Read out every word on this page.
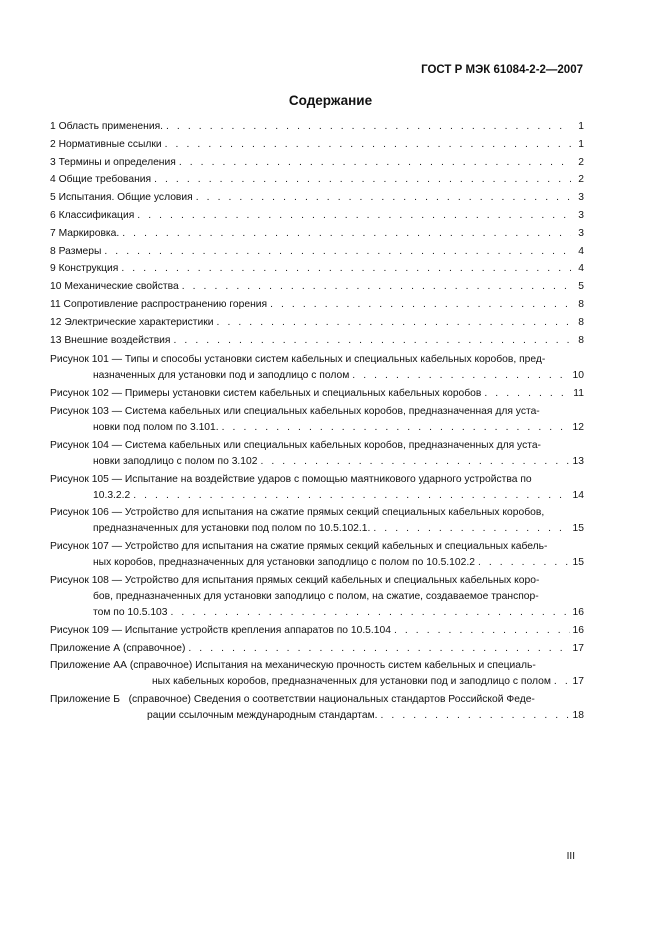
ГОСТ Р МЭК 61084-2-2—2007
Содержание
1 Область применения. . . .	1
2 Нормативные ссылки . . .	1
3 Термины и определения . . .	2
4 Общие требования . . .	2
5 Испытания. Общие условия . . .	3
6 Классификация . . .	3
7 Маркировка. . . .	3
8 Размеры . . .	4
9 Конструкция . . .	4
10 Механические свойства . . .	5
11 Сопротивление распространению горения . . .	8
12 Электрические характеристики . . .	8
13 Внешние воздействия . . .	8
Рисунок 101 — Типы и способы установки систем кабельных и специальных кабельных коробов, пред-
назначенных для установки под и заподлицо с полом . . .	10
Рисунок 102 — Примеры установки систем кабельных и специальных кабельных коробов . . .	11
Рисунок 103 — Система кабельных или специальных кабельных коробов, предназначенная для уста-
новки под полом по 3.101. . . .	12
Рисунок 104 — Система кабельных или специальных кабельных коробов, предназначенных для уста-
новки заподлицо с полом по 3.102 . . .	13
Рисунок 105 — Испытание на воздействие ударов с помощью маятникового ударного устройства по
10.3.2.2 . . .	14
Рисунок 106 — Устройство для испытания на сжатие прямых секций специальных кабельных коробов,
предназначенных для установки под полом по 10.5.102.1. . . .	15
Рисунок 107 — Устройство для испытания на сжатие прямых секций кабельных и специальных кабель-
ных коробов, предназначенных для установки заподлицо с полом по 10.5.102.2 . . .	15
Рисунок 108 — Устройство для испытания прямых секций кабельных и специальных кабельных коро-
бов, предназначенных для установки заподлицо с полом, на сжатие, создаваемое транспор-
том по 10.5.103 . . .	16
Рисунок 109 — Испытание устройств крепления аппаратов по 10.5.104 . . .	16
Приложение А (справочное) . . .	17
Приложение АА (справочное) Испытания на механическую прочность систем кабельных и специаль-
ных кабельных коробов, предназначенных для установки под и заподлицо с полом . . . 17
Приложение Б   (справочное) Сведения о соответствии национальных стандартов Российской Феде-
рации ссылочным международным стандартам. . . .	18
III
